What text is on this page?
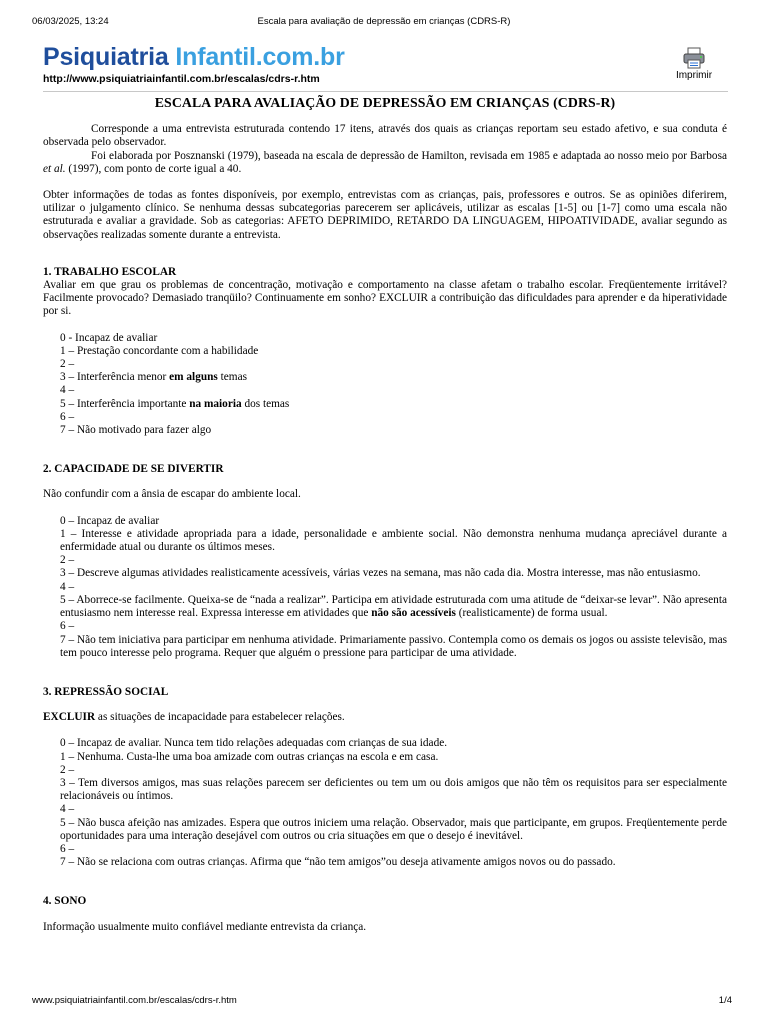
06/03/2025, 13:24	Escala para avaliação de depressão em crianças (CDRS-R)
Psiquiatria Infantil.com.br
http://www.psiquiatriainfantil.com.br/escalas/cdrs-r.htm	Imprimir
ESCALA PARA AVALIAÇÃO DE DEPRESSÃO EM CRIANÇAS (CDRS-R)

Corresponde a uma entrevista estruturada contendo 17 itens, através dos quais as crianças reportam seu estado afetivo, e sua conduta é observada pelo observador.

Foi elaborada por Posznanski (1979), baseada na escala de depressão de Hamilton, revisada em 1985 e adaptada ao nosso meio por Barbosa et al. (1997), com ponto de corte igual a 40.

Obter informações de todas as fontes disponíveis, por exemplo, entrevistas com as crianças, pais, professores e outros. Se as opiniões diferirem, utilizar o julgamento clínico. Se nenhuma dessas subcategorias parecerem ser aplicáveis, utilizar as escalas [1-5] ou [1-7] como uma escala não estruturada e avaliar a gravidade. Sob as categorias: AFETO DEPRIMIDO, RETARDO DA LINGUAGEM, HIPOATIVIDADE, avaliar segundo as observações realizadas somente durante a entrevista.

1. TRABALHO ESCOLAR

Avaliar em que grau os problemas de concentração, motivação e comportamento na classe afetam o trabalho escolar. Freqüentemente irritável? Facilmente provocado? Demasiado tranqüilo? Continuamente em sonho? EXCLUIR a contribuição das dificuldades para aprender e da hiperatividade por si.

0 - Incapaz de avaliar

1 – Prestação concordante com a habilidade

2 –

3 – Interferência menor em alguns temas

4 –

5 – Interferência importante na maioria dos temas

6 –

7 – Não motivado para fazer algo

2. CAPACIDADE DE SE DIVERTIR

Não confundir com a ânsia de escapar do ambiente local.

0 – Incapaz de avaliar

1 – Interesse e atividade apropriada para a idade, personalidade e ambiente social. Não demonstra nenhuma mudança apreciável durante a enfermidade atual ou durante os últimos meses.

2 –

3 – Descreve algumas atividades realisticamente acessíveis, várias vezes na semana, mas não cada dia. Mostra interesse, mas não entusiasmo.

4 –

5 – Aborrece-se facilmente. Queixa-se de “nada a realizar”. Participa em atividade estruturada com uma atitude de “deixar-se levar”. Não apresenta entusiasmo nem interesse real. Expressa interesse em atividades que não são acessíveis (realisticamente) de forma usual.

6 –

7 – Não tem iniciativa para participar em nenhuma atividade. Primariamente passivo. Contempla como os demais os jogos ou assiste televisão, mas tem pouco interesse pelo programa. Requer que alguém o pressione para participar de uma atividade.

3. REPRESSÃO SOCIAL

EXCLUIR as situações de incapacidade para estabelecer relações.

0 – Incapaz de avaliar. Nunca tem tido relações adequadas com crianças de sua idade.

1 – Nenhuma. Custa-lhe uma boa amizade com outras crianças na escola e em casa.

2 –

3 – Tem diversos amigos, mas suas relações parecem ser deficientes ou tem um ou dois amigos que não têm os requisitos para ser especialmente relacionáveis ou íntimos.

4 –

5 – Não busca afeição nas amizades. Espera que outros iniciem uma relação. Observador, mais que participante, em grupos. Freqüentemente perde oportunidades para uma interação desejável com outros ou cria situações em que o desejo é inevitável.

6 –

7 – Não se relaciona com outras crianças. Afirma que “não tem amigos”ou deseja ativamente amigos novos ou do passado.

4. SONO

Informação usualmente muito confiável mediante entrevista da criança.

www.psiquiatriainfantil.com.br/escalas/cdrs-r.htm	1/4
